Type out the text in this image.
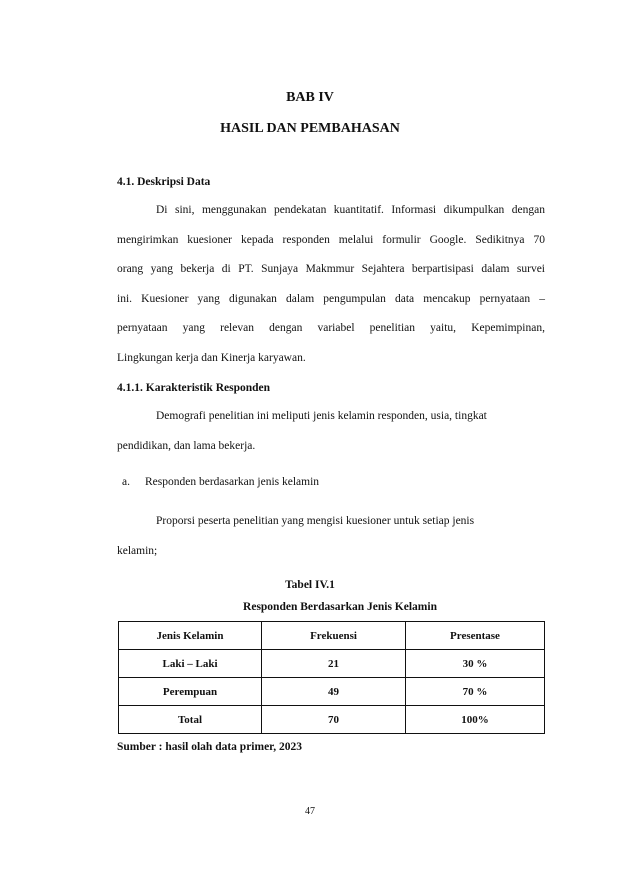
BAB IV
HASIL DAN PEMBAHASAN
4.1. Deskripsi Data
Di sini, menggunakan pendekatan kuantitatif. Informasi dikumpulkan dengan
mengirimkan kuesioner kepada responden melalui formulir Google. Sedikitnya 70
orang yang bekerja di PT. Sunjaya Makmmur Sejahtera berpartisipasi dalam survei
ini. Kuesioner yang digunakan dalam pengumpulan data mencakup pernyataan –
pernyataan yang relevan dengan variabel penelitian yaitu, Kepemimpinan,
Lingkungan kerja dan Kinerja karyawan.
4.1.1. Karakteristik Responden
Demografi penelitian ini meliputi jenis kelamin responden, usia, tingkat
pendidikan, dan lama bekerja.
a. Responden berdasarkan jenis kelamin
Proporsi peserta penelitian yang mengisi kuesioner untuk setiap jenis
kelamin;
Tabel IV.1
Responden Berdasarkan Jenis Kelamin
Jenis Kelamin	Frekuensi	Presentase
Laki – Laki	21	30 %
Perempuan	49	70 %
Total	70	100%
Sumber : hasil olah data primer, 2023
47
